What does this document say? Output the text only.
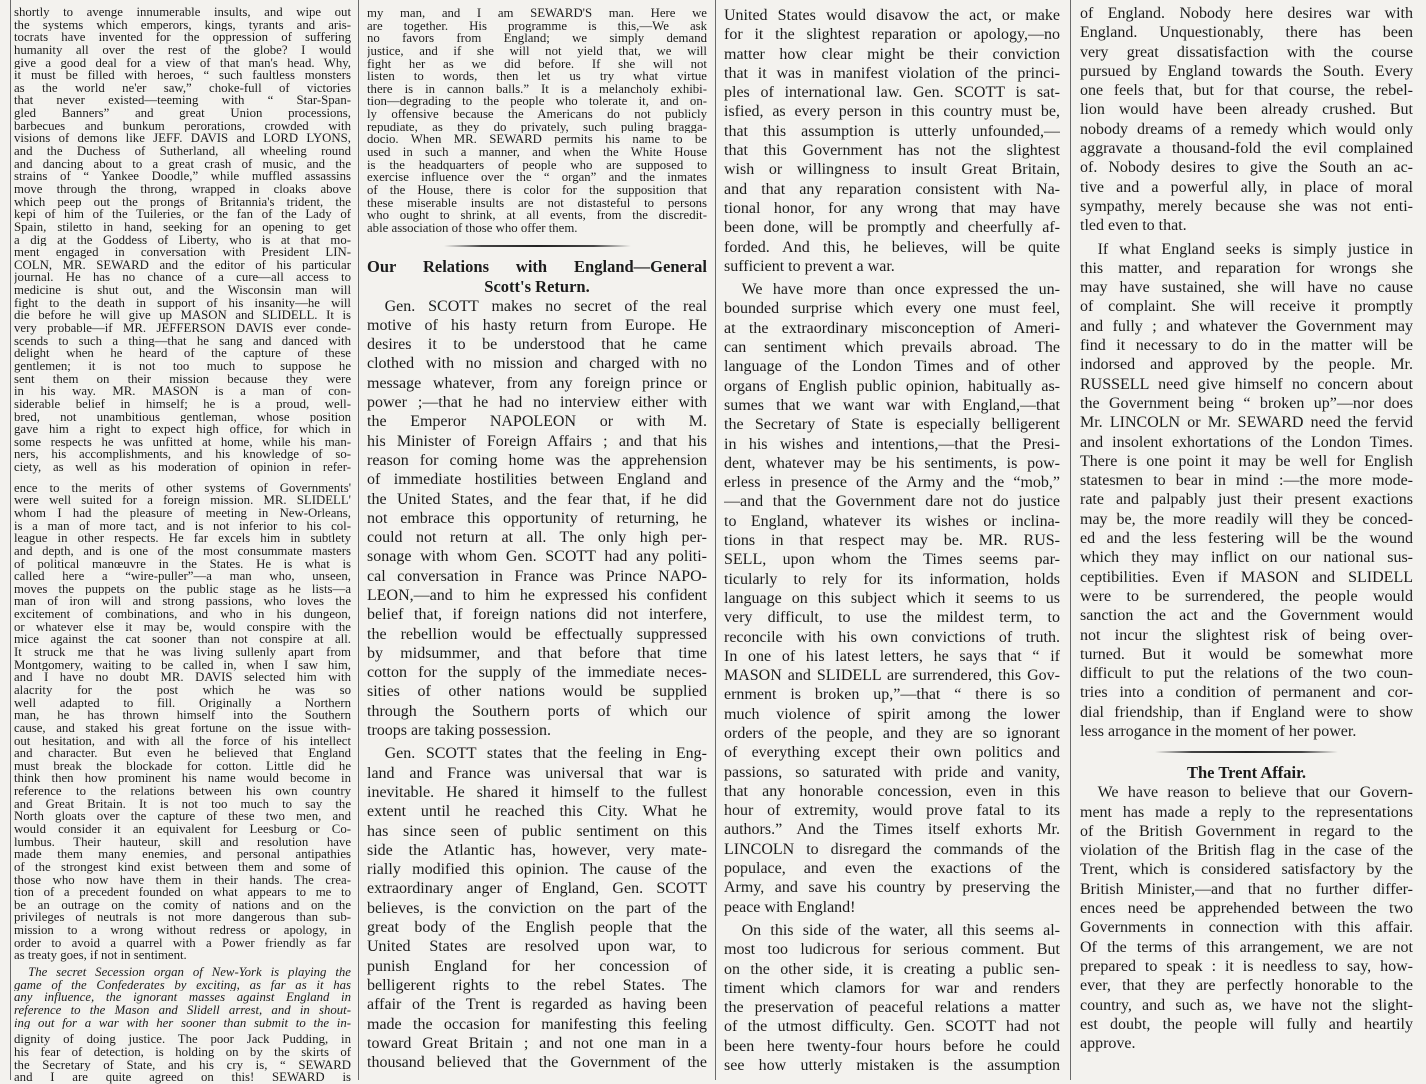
shortly to avenge innumerable insults, and wipe out
the systems which emperors, kings, tyrants and aris-
tocrats have invented for the oppression of suffering
humanity all over the rest of the globe? I would
give a good deal for a view of that man's head. Why,
it must be filled with heroes, “ such faultless monsters
as the world ne'er saw,” choke-full of victories
that never existed—teeming with “ Star-Span-
gled Banners” and great Union processions,
barbecues and bunkum perorations, crowded with
visions of demons like JEFF. DAVIS and LORD LYONS,
and the Duchess of Sutherland, all wheeling round
and dancing about to a great crash of music, and the
strains of “ Yankee Doodle,” while muffled assassins
move through the throng, wrapped in cloaks above
which peep out the prongs of Britannia's trident, the
kepi of him of the Tuileries, or the fan of the Lady of
Spain, stiletto in hand, seeking for an opening to get
a dig at the Goddess of Liberty, who is at that mo-
ment engaged in conversation with President LIN-
COLN, MR. SEWARD and the editor of his particular
journal. He has no chance of a cure—all access to
medicine is shut out, and the Wisconsin man will
fight to the death in support of his insanity—he will
die before he will give up MASON and SLIDELL. It is
very probable—if MR. JEFFERSON DAVIS ever conde-
scends to such a thing—that he sang and danced with
delight when he heard of the capture of these
gentlemen; it is not too much to suppose he
sent them on their mission because they were
in his way. MR. MASON is a man of con-
siderable belief in himself; he is a proud, well-
bred, not unambitious gentleman, whose position
gave him a right to expect high office, for which in
some respects he was unfitted at home, while his man-
ners, his accomplishments, and his knowledge of so-
ciety, as well as his moderation of opinion in refer-
ence to the merits of other systems of Governments'
were well suited for a foreign mission. MR. SLIDELL'
whom I had the pleasure of meeting in New-Orleans,
is a man of more tact, and is not inferior to his col-
league in other respects. He far excels him in subtlety
and depth, and is one of the most consummate masters
of political manœuvre in the States. He is what is
called here a “wire-puller”—a man who, unseen,
moves the puppets on the public stage as he lists—a
man of iron will and strong passions, who loves the
excitement of combinations, and who in his dungeon,
or whatever else it may be, would conspire with the
mice against the cat sooner than not conspire at all.
It struck me that he was living sullenly apart from
Montgomery, waiting to be called in, when I saw him,
and I have no doubt MR. DAVIS selected him with
alacrity for the post which he was so
well adapted to fill. Originally a Northern
man, he has thrown himself into the Southern
cause, and staked his great fortune on the issue with-
out hesitation, and with all the force of his intellect
and character. But even he believed that England
must break the blockade for cotton. Little did he
think then how prominent his name would become in
reference to the relations between his own country
and Great Britain. It is not too much to say the
North gloats over the capture of these two men, and
would consider it an equivalent for Leesburg or Co-
lumbus. Their hauteur, skill and resolution have
made them many enemies, and personal antipathies
of the strongest kind exist between them and some of
those who now have them in their hands. The crea-
tion of a precedent founded on what appears to me to
be an outrage on the comity of nations and on the
privileges of neutrals is not more dangerous than sub-
mission to a wrong without redress or apology, in
order to avoid a quarrel with a Power friendly as far
as treaty goes, if not in sentiment.
The secret Secession organ of New-York is playing the
game of the Confederates by exciting, as far as it has
any influence, the ignorant masses against England in
reference to the Mason and Slidell arrest, and in shout-
ing out for a war with her sooner than submit to the in-
dignity of doing justice. The poor Jack Pudding, in
his fear of detection, is holding on by the skirts of
the Secretary of State, and his cry is, “ SEWARD
and I are quite agreed on this! SEWARD is
my man, and I am SEWARD'S man. Here we
are together. His programme is this,—We ask
no favors from England; we simply demand
justice, and if she will not yield that, we will
fight her as we did before. If she will not
listen to words, then let us try what virtue
there is in cannon balls.” It is a melancholy exhibi-
tion—degrading to the people who tolerate it, and on-
ly offensive because the Americans do not publicly
repudiate, as they do privately, such puling bragga-
docio. When MR. SEWARD permits his name to be
used in such a manner, and when the White House
is the headquarters of people who are supposed to
exercise influence over the “ organ” and the inmates
of the House, there is color for the supposition that
these miserable insults are not distasteful to persons
who ought to shrink, at all events, from the discredit-
able association of those who offer them.
Our Relations with England—General
Scott's Return.
Gen. SCOTT makes no secret of the real
motive of his hasty return from Europe. He
desires it to be understood that he came
clothed with no mission and charged with no
message whatever, from any foreign prince or
power ;—that he had no interview either with
the Emperor NAPOLEON or with M.
his Minister of Foreign Affairs ; and that his
reason for coming home was the apprehension
of immediate hostilities between England and
the United States, and the fear that, if he did
not embrace this opportunity of returning, he
could not return at all. The only high per-
sonage with whom Gen. SCOTT had any politi-
cal conversation in France was Prince NAPO-
LEON,—and to him he expressed his confident
belief that, if foreign nations did not interfere,
the rebellion would be effectually suppressed
by midsummer, and that before that time
cotton for the supply of the immediate neces-
sities of other nations would be supplied
through the Southern ports of which our
troops are taking possession.
Gen. SCOTT states that the feeling in Eng-
land and France was universal that war is
inevitable. He shared it himself to the fullest
extent until he reached this City. What he
has since seen of public sentiment on this
side the Atlantic has, however, very mate-
rially modified this opinion. The cause of the
extraordinary anger of England, Gen. SCOTT
believes, is the conviction on the part of the
great body of the English people that the
United States are resolved upon war, to
punish England for her concession of
belligerent rights to the rebel States. The
affair of the Trent is regarded as having been
made the occasion for manifesting this feeling
toward Great Britain ; and not one man in a
thousand believed that the Government of the
United States would disavow the act, or make
for it the slightest reparation or apology,—no
matter how clear might be their conviction
that it was in manifest violation of the princi-
ples of international law. Gen. SCOTT is sat-
isfied, as every person in this country must be,
that this assumption is utterly unfounded,—
that this Government has not the slightest
wish or willingness to insult Great Britain,
and that any reparation consistent with Na-
tional honor, for any wrong that may have
been done, will be promptly and cheerfully af-
forded. And this, he believes, will be quite
sufficient to prevent a war.
We have more than once expressed the un-
bounded surprise which every one must feel,
at the extraordinary misconception of Ameri-
can sentiment which prevails abroad. The
language of the London Times and of other
organs of English public opinion, habitually as-
sumes that we want war with England,—that
the Secretary of State is especially belligerent
in his wishes and intentions,—that the Presi-
dent, whatever may be his sentiments, is pow-
erless in presence of the Army and the “mob,”
—and that the Government dare not do justice
to England, whatever its wishes or inclina-
tions in that respect may be. MR. RUS-
SELL, upon whom the Times seems par-
ticularly to rely for its information, holds
language on this subject which it seems to us
very difficult, to use the mildest term, to
reconcile with his own convictions of truth.
In one of his latest letters, he says that “ if
MASON and SLIDELL are surrendered, this Gov-
ernment is broken up,”—that “ there is so
much violence of spirit among the lower
orders of the people, and they are so ignorant
of everything except their own politics and
passions, so saturated with pride and vanity,
that any honorable concession, even in this
hour of extremity, would prove fatal to its
authors.” And the Times itself exhorts Mr.
LINCOLN to disregard the commands of the
populace, and even the exactions of the
Army, and save his country by preserving the
peace with England!
On this side of the water, all this seems al-
most too ludicrous for serious comment. But
on the other side, it is creating a public sen-
timent which clamors for war and renders
the preservation of peaceful relations a matter
of the utmost difficulty. Gen. SCOTT had not
been here twenty-four hours before he could
see how utterly mistaken is the assumption
of England. Nobody here desires war with
England. Unquestionably, there has been
very great dissatisfaction with the course
pursued by England towards the South. Every
one feels that, but for that course, the rebel-
lion would have been already crushed. But
nobody dreams of a remedy which would only
aggravate a thousand-fold the evil complained
of. Nobody desires to give the South an ac-
tive and a powerful ally, in place of moral
sympathy, merely because she was not enti-
tled even to that.
If what England seeks is simply justice in
this matter, and reparation for wrongs she
may have sustained, she will have no cause
of complaint. She will receive it promptly
and fully ; and whatever the Government may
find it necessary to do in the matter will be
indorsed and approved by the people. Mr.
RUSSELL need give himself no concern about
the Government being “ broken up”—nor does
Mr. LINCOLN or Mr. SEWARD need the fervid
and insolent exhortations of the London Times.
There is one point it may be well for English
statesmen to bear in mind :—the more mode-
rate and palpably just their present exactions
may be, the more readily will they be conced-
ed and the less festering will be the wound
which they may inflict on our national sus-
ceptibilities. Even if MASON and SLIDELL
were to be surrendered, the people would
sanction the act and the Government would
not incur the slightest risk of being over-
turned. But it would be somewhat more
difficult to put the relations of the two coun-
tries into a condition of permanent and cor-
dial friendship, than if England were to show
less arrogance in the moment of her power.
The Trent Affair.
We have reason to believe that our Govern-
ment has made a reply to the representations
of the British Government in regard to the
violation of the British flag in the case of the
Trent, which is considered satisfactory by the
British Minister,—and that no further differ-
ences need be apprehended between the two
Governments in connection with this affair.
Of the terms of this arrangement, we are not
prepared to speak : it is needless to say, how-
ever, that they are perfectly honorable to the
country, and such as, we have not the slight-
est doubt, the people will fully and heartily
approve.
